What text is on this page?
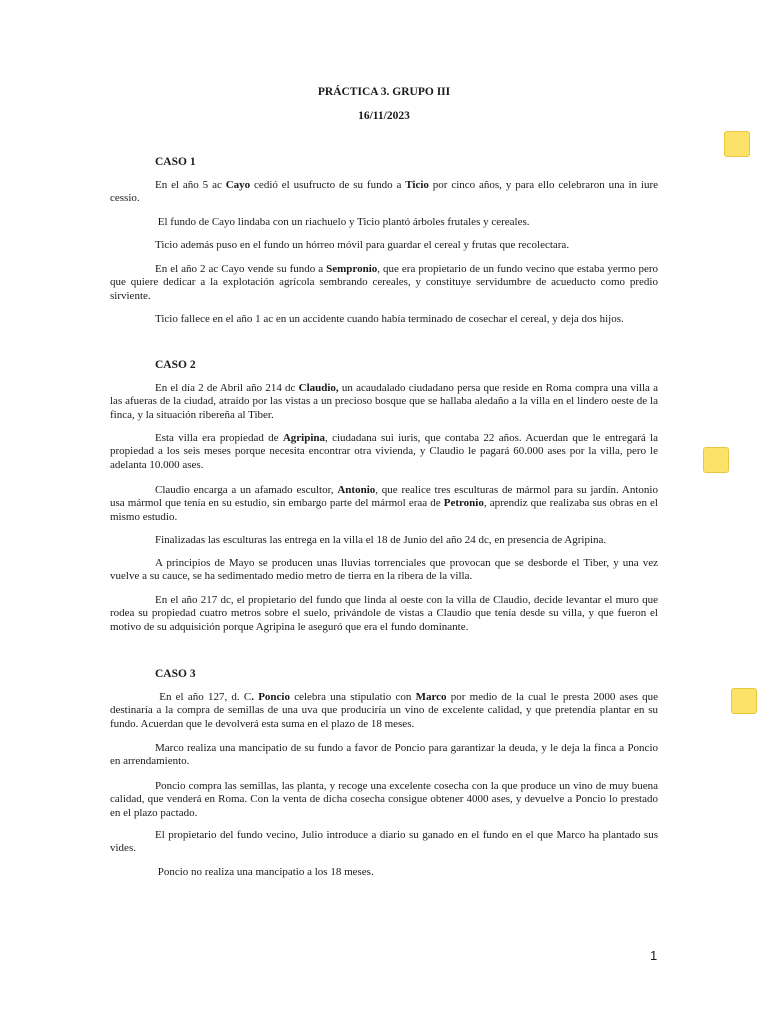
PRÁCTICA 3. GRUPO III
16/11/2023
CASO 1

En el año 5 ac Cayo cedió el usufructo de su fundo a Ticio por cinco años, y para ello celebraron una in iure cessio.

El fundo de Cayo lindaba con un riachuelo y Ticio plantó árboles frutales y cereales.

Ticio además puso en el fundo un hórreo móvil para guardar el cereal y frutas que recolectara.

En el año 2 ac Cayo vende su fundo a Sempronio, que era propietario de un fundo vecino que estaba yermo pero que quiere dedicar a la explotación agrícola sembrando cereales, y constituye servidumbre de acueducto como predio sirviente.

Ticio fallece en el año 1 ac en un accidente cuando había terminado de cosechar el cereal, y deja dos hijos.

CASO 2

En el día 2 de Abril año 214 dc Claudio, un acaudalado ciudadano persa que reside en Roma compra una villa a las afueras de la ciudad, atraído por las vistas a un precioso bosque que se hallaba aledaño a la villa en el lindero oeste de la finca, y la situación ribereña al Tiber.

Esta villa era propiedad de Agripina, ciudadana sui iuris, que contaba 22 años. Acuerdan que le entregará la propiedad a los seis meses porque necesita encontrar otra vivienda, y Claudio le pagará 60.000 ases por la villa, pero le adelanta 10.000 ases.

Claudio encarga a un afamado escultor, Antonio, que realice tres esculturas de mármol para su jardín. Antonio usa mármol que tenía en su estudio, sin embargo parte del mármol eraa de Petronio, aprendiz que realizaba sus obras en el mismo estudio.

Finalizadas las esculturas las entrega en la villa el 18 de Junio del año 24 dc, en presencia de Agripina.

A principios de Mayo se producen unas lluvias torrenciales que provocan que se desborde el Tiber, y una vez vuelve a su cauce, se ha sedimentado medio metro de tierra en la ribera de la villa.

En el año 217 dc, el propietario del fundo que linda al oeste con la villa de Claudio, decide levantar el muro que rodea su propiedad cuatro metros sobre el suelo, privándole de vistas a Claudio que tenía desde su villa, y que fueron el motivo de su adquisición porque Agripina le aseguró que era el fundo dominante.

CASO 3

En el año 127, d. C. Poncio celebra una stipulatio con Marco por medio de la cual le presta 2000 ases que destinaría a la compra de semillas de una uva que produciría un vino de excelente calidad, y que pretendía plantar en su fundo. Acuerdan que le devolverá esta suma en el plazo de 18 meses.

Marco realiza una mancipatio de su fundo a favor de Poncio para garantizar la deuda, y le deja la finca a Poncio en arrendamiento.

Poncio compra las semillas, las planta, y recoge una excelente cosecha con la que produce un vino de muy buena calidad, que venderá en Roma. Con la venta de dicha cosecha consigue obtener 4000 ases, y devuelve a Poncio lo prestado en el plazo pactado.

El propietario del fundo vecino, Julio introduce a diario su ganado en el fundo en el que Marco ha plantado sus vides.

Poncio no realiza una mancipatio a los 18 meses.

1
